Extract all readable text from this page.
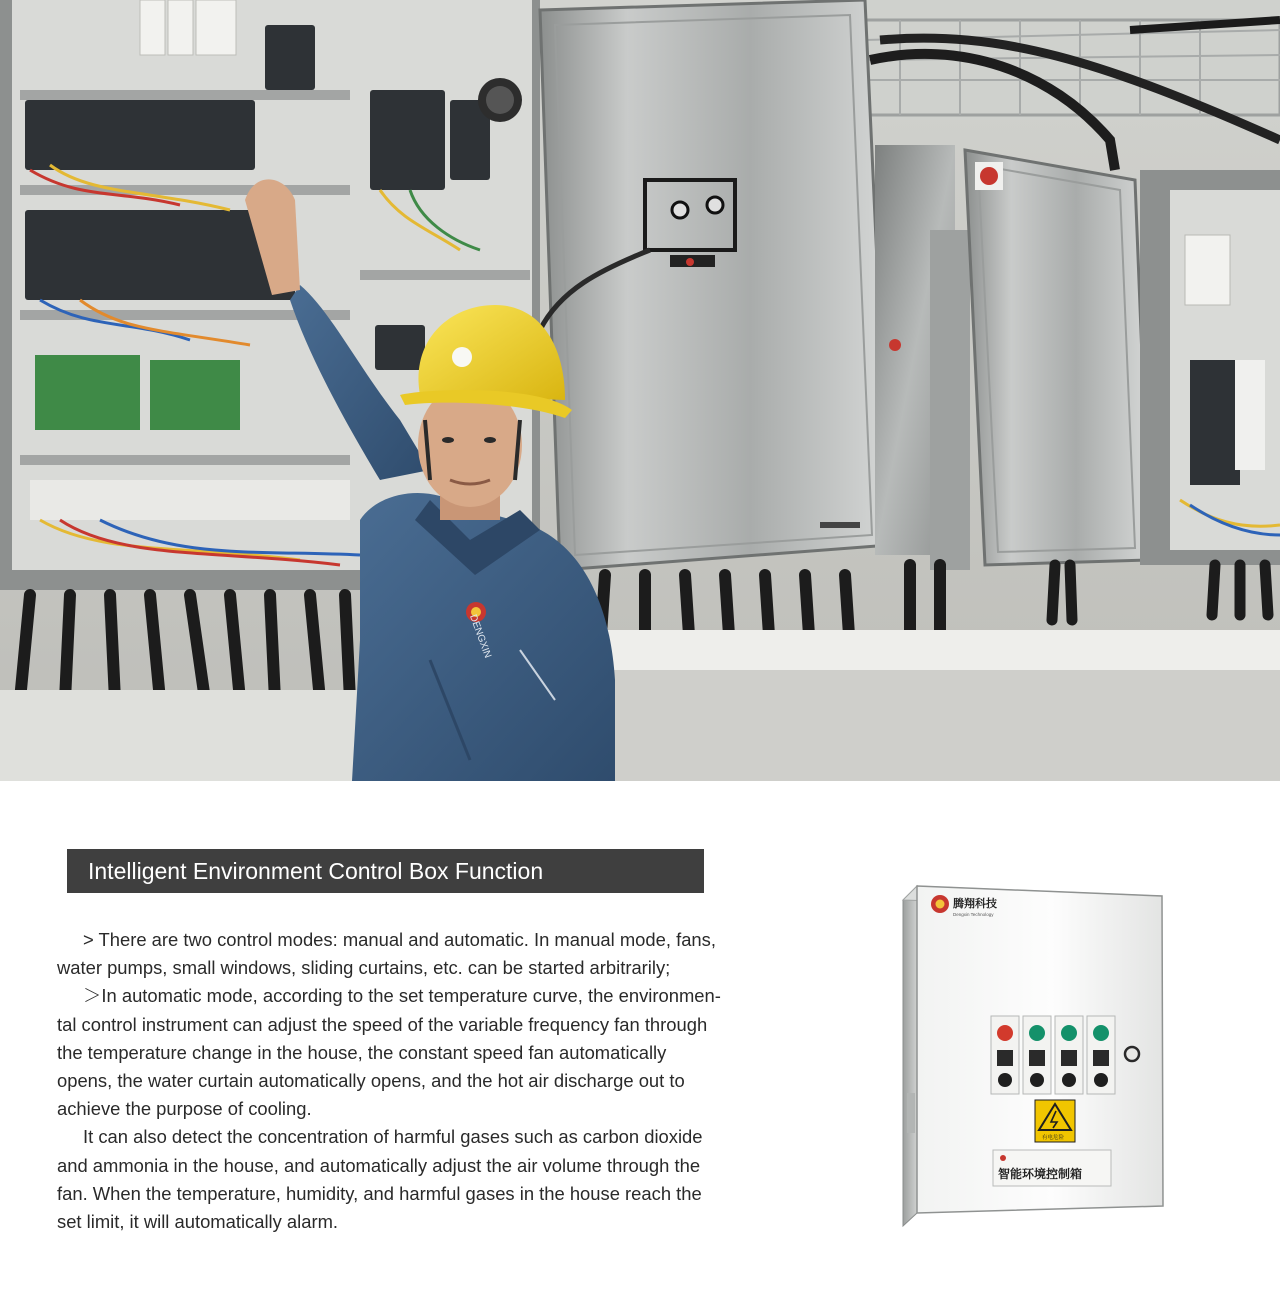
DENGXIN
Intelligent Environment Control Box Function

> There are two control modes: manual and automatic. In manual mode, fans,
water pumps, small windows, sliding curtains, etc. can be started arbitrarily;

＞In automatic mode, according to the set temperature curve, the environmen-
tal control instrument can adjust the speed of the variable frequency fan through
the temperature change in the house, the constant speed fan automatically
opens, the water curtain automatically opens, and the hot air discharge out to
achieve the purpose of cooling.

It can also detect the concentration of harmful gases such as carbon dioxide
and ammonia in the house, and automatically adjust the air volume through the
fan. When the temperature, humidity, and harmful gases in the house reach the
set limit, it will automatically alarm.

腾翔科技
Dengxin Technology
有电危险
智能环境控制箱
